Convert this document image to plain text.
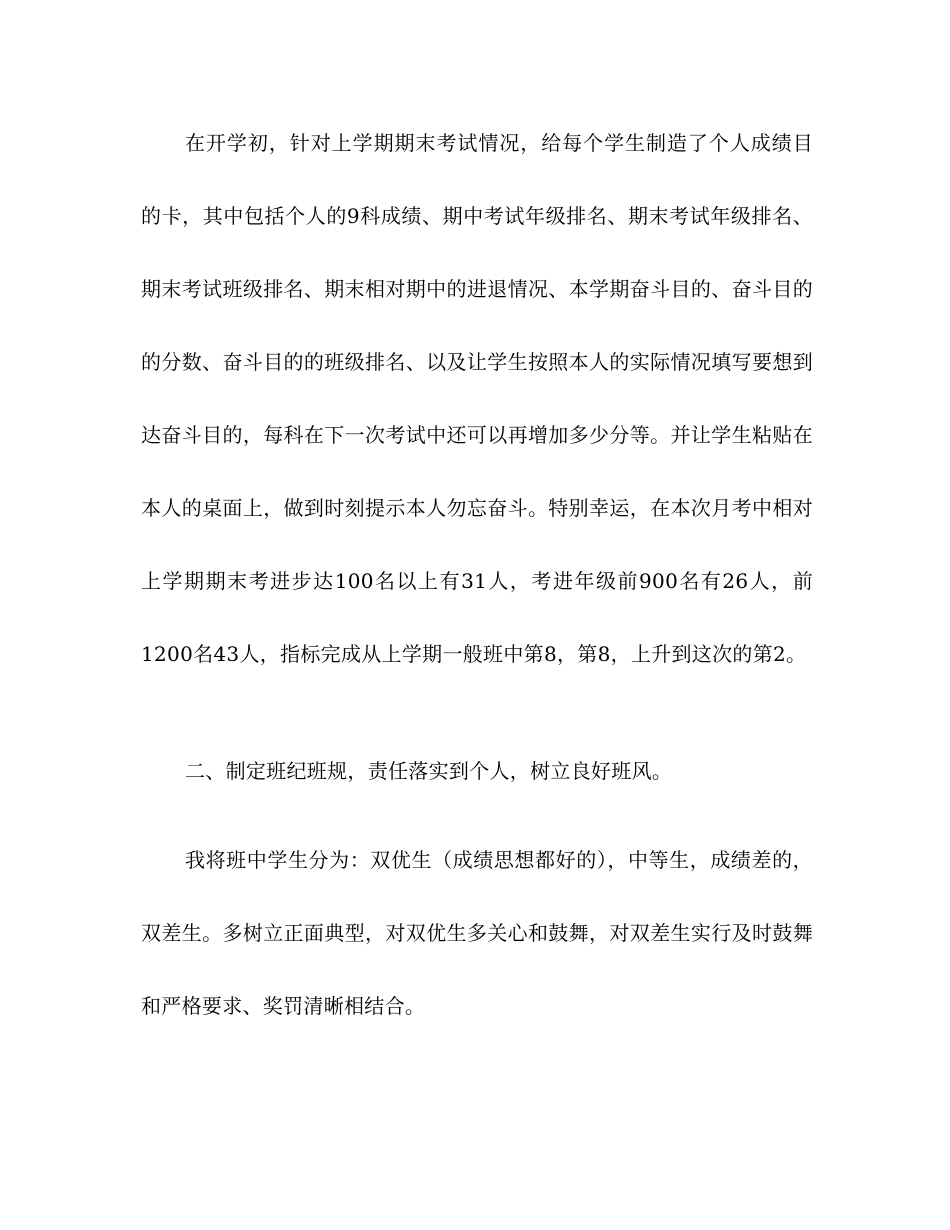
在开学初，针对上学期期末考试情况，给每个学生制造了个人成绩目的卡，其中包括个人的9科成绩、期中考试年级排名、期末考试年级排名、期末考试班级排名、期末相对期中的进退情况、本学期奋斗目的、奋斗目的的分数、奋斗目的的班级排名、以及让学生按照本人的实际情况填写要想到达奋斗目的，每科在下一次考试中还可以再增加多少分等。并让学生粘贴在本人的桌面上，做到时刻提示本人勿忘奋斗。特别幸运，在本次月考中相对上学期期末考进步达100名以上有31人，考进年级前900名有26人，前1200名43人，指标完成从上学期一般班中第8，第8，上升到这次的第2。

二、制定班纪班规，责任落实到个人，树立良好班风。

我将班中学生分为：双优生（成绩思想都好的），中等生，成绩差的，双差生。多树立正面典型，对双优生多关心和鼓舞，对双差生实行及时鼓舞和严格要求、奖罚清晰相结合。
